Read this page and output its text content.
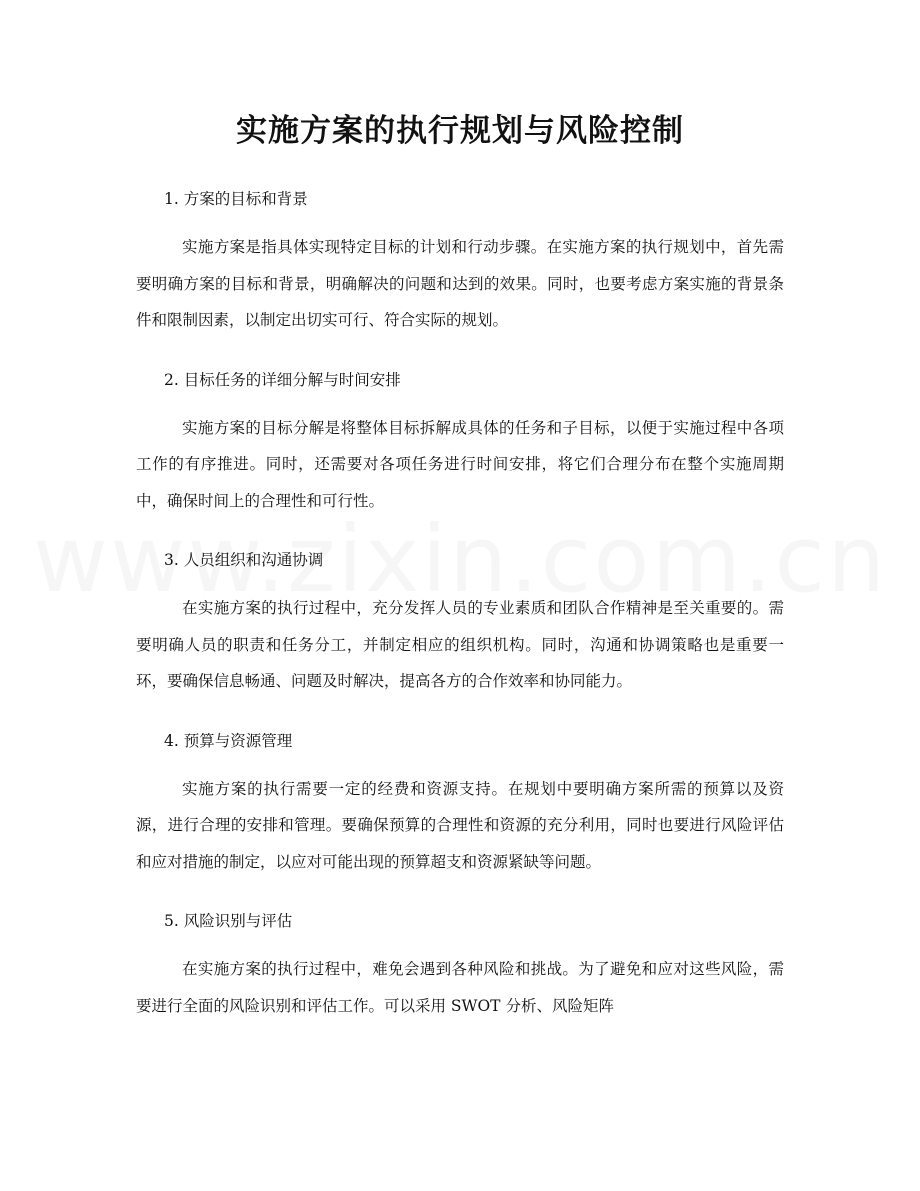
实施方案的执行规划与风险控制

1. 方案的目标和背景

实施方案是指具体实现特定目标的计划和行动步骤。在实施方案的执行规划中，首先需要明确方案的目标和背景，明确解决的问题和达到的效果。同时，也要考虑方案实施的背景条件和限制因素，以制定出切实可行、符合实际的规划。

2. 目标任务的详细分解与时间安排

实施方案的目标分解是将整体目标拆解成具体的任务和子目标，以便于实施过程中各项工作的有序推进。同时，还需要对各项任务进行时间安排，将它们合理分布在整个实施周期中，确保时间上的合理性和可行性。

3. 人员组织和沟通协调

在实施方案的执行过程中，充分发挥人员的专业素质和团队合作精神是至关重要的。需要明确人员的职责和任务分工，并制定相应的组织机构。同时，沟通和协调策略也是重要一环，要确保信息畅通、问题及时解决，提高各方的合作效率和协同能力。

4. 预算与资源管理

实施方案的执行需要一定的经费和资源支持。在规划中要明确方案所需的预算以及资源，进行合理的安排和管理。要确保预算的合理性和资源的充分利用，同时也要进行风险评估和应对措施的制定，以应对可能出现的预算超支和资源紧缺等问题。

5. 风险识别与评估

在实施方案的执行过程中，难免会遇到各种风险和挑战。为了避免和应对这些风险，需要进行全面的风险识别和评估工作。可以采用 SWOT 分析、风险矩阵
